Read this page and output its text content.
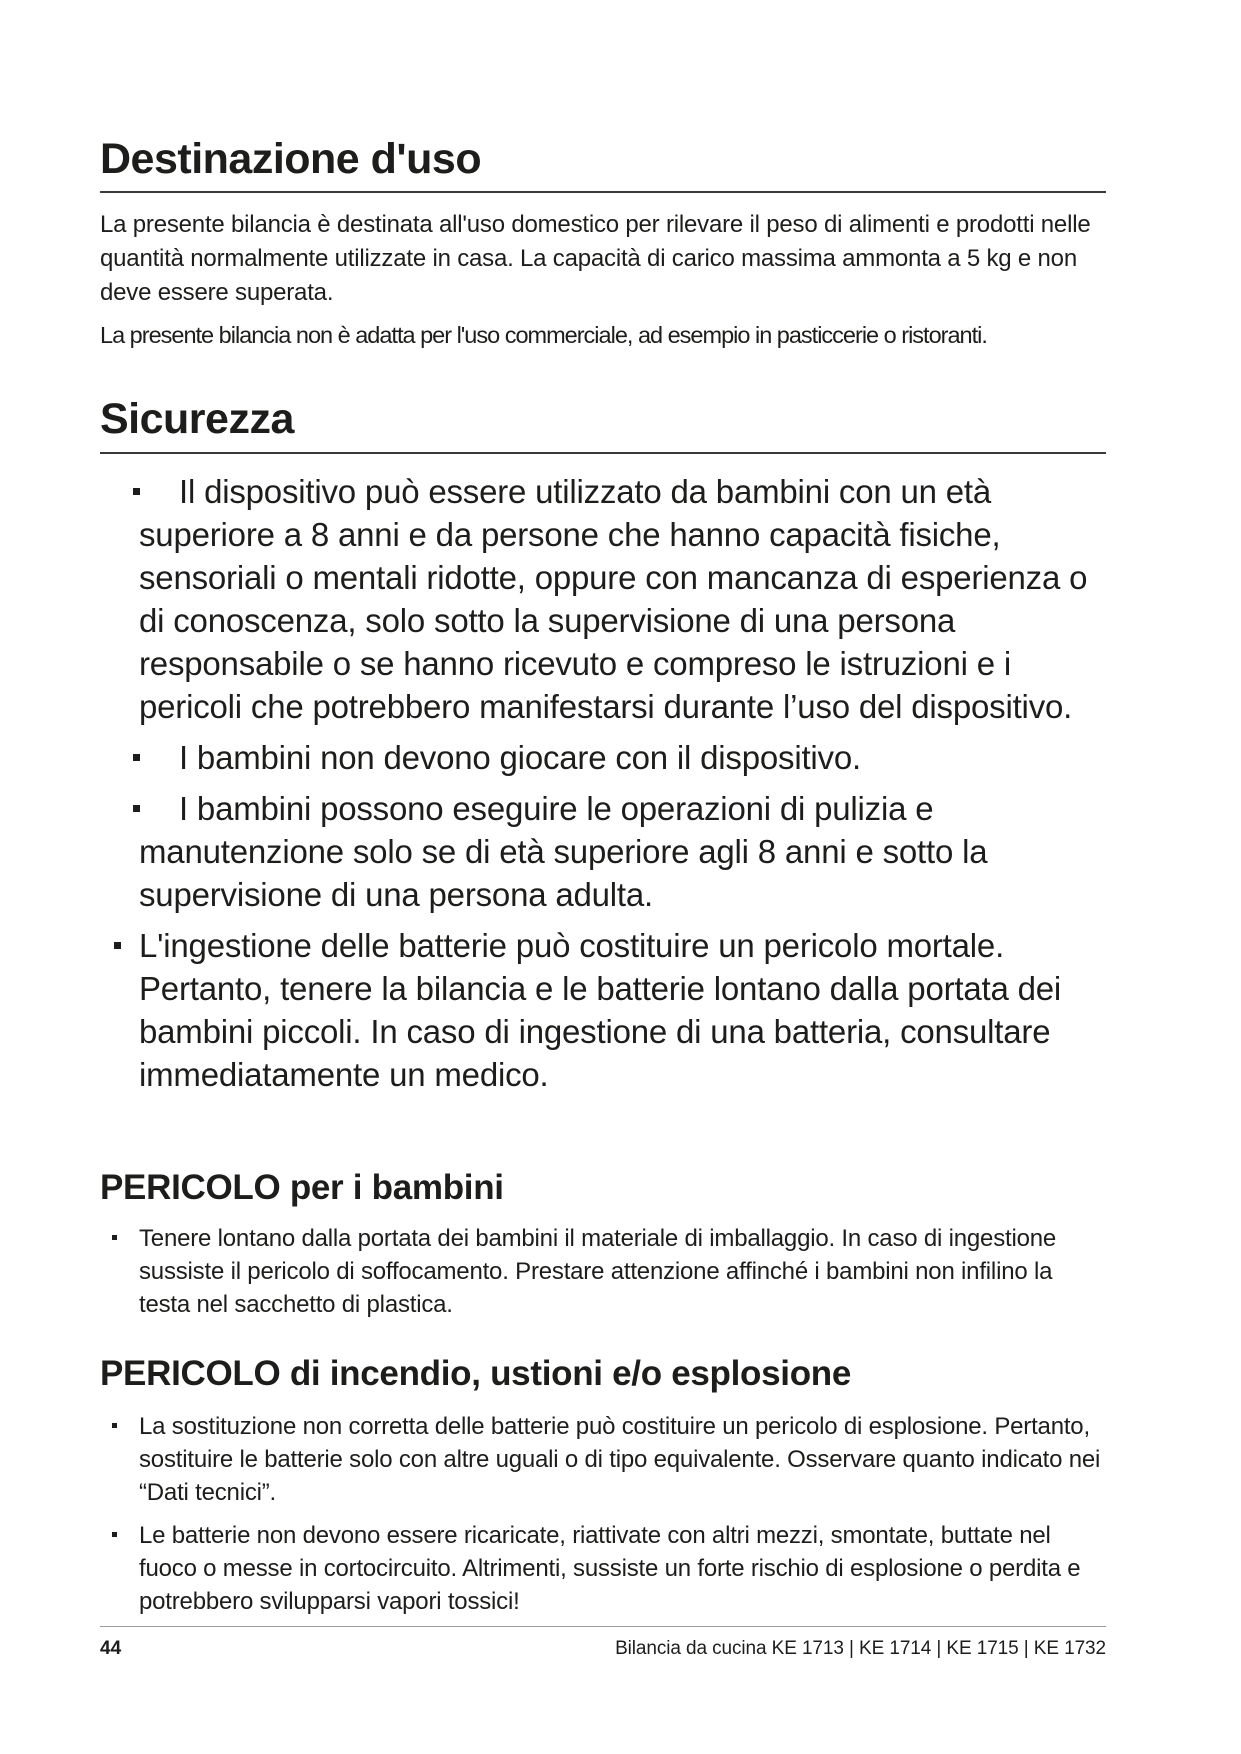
Destinazione d'uso

La presente bilancia è destinata all'uso domestico per rilevare il peso di alimenti e prodotti nelle quantità normalmente utilizzate in casa. La capacità di carico massima ammonta a 5 kg e non deve essere superata.

La presente bilancia non è adatta per l'uso commerciale, ad esempio in pasticcerie o ristoranti.

Sicurezza
Il dispositivo può essere utilizzato da bambini con un età superiore a 8 anni e da persone che hanno capacità fisiche, sensoriali o mentali ridotte, oppure con mancanza di esperienza o di conoscenza, solo sotto la supervisione di una persona responsabile o se hanno ricevuto e compreso le istruzioni e i pericoli che potrebbero manifestarsi durante l’uso del dispositivo.
I bambini non devono giocare con il dispositivo.
I bambini possono eseguire le operazioni di pulizia e manutenzione solo se di età superiore agli 8 anni e sotto la supervisione di una persona adulta.
L'ingestione delle batterie può costituire un pericolo mortale. Pertanto, tenere la bilancia e le batterie lontano dalla portata dei bambini piccoli. In caso di ingestione di una batteria, consultare immediatamente un medico.
PERICOLO per i bambini
Tenere lontano dalla portata dei bambini il materiale di imballaggio. In caso di ingestione sussiste il pericolo di soffocamento. Prestare attenzione affinché i bambini non infilino la testa nel sacchetto di plastica.
PERICOLO di incendio, ustioni e/o esplosione
La sostituzione non corretta delle batterie può costituire un pericolo di esplosione. Pertanto, sostituire le batterie solo con altre uguali o di tipo equivalente. Osservare quanto indicato nei “Dati tecnici”.
Le batterie non devono essere ricaricate, riattivate con altri mezzi, smontate, buttate nel fuoco o messe in cortocircuito. Altrimenti, sussiste un forte rischio di esplosione o perdita e potrebbero svilupparsi vapori tossici!
44	Bilancia da cucina KE 1713 | KE 1714 | KE 1715 | KE 1732
